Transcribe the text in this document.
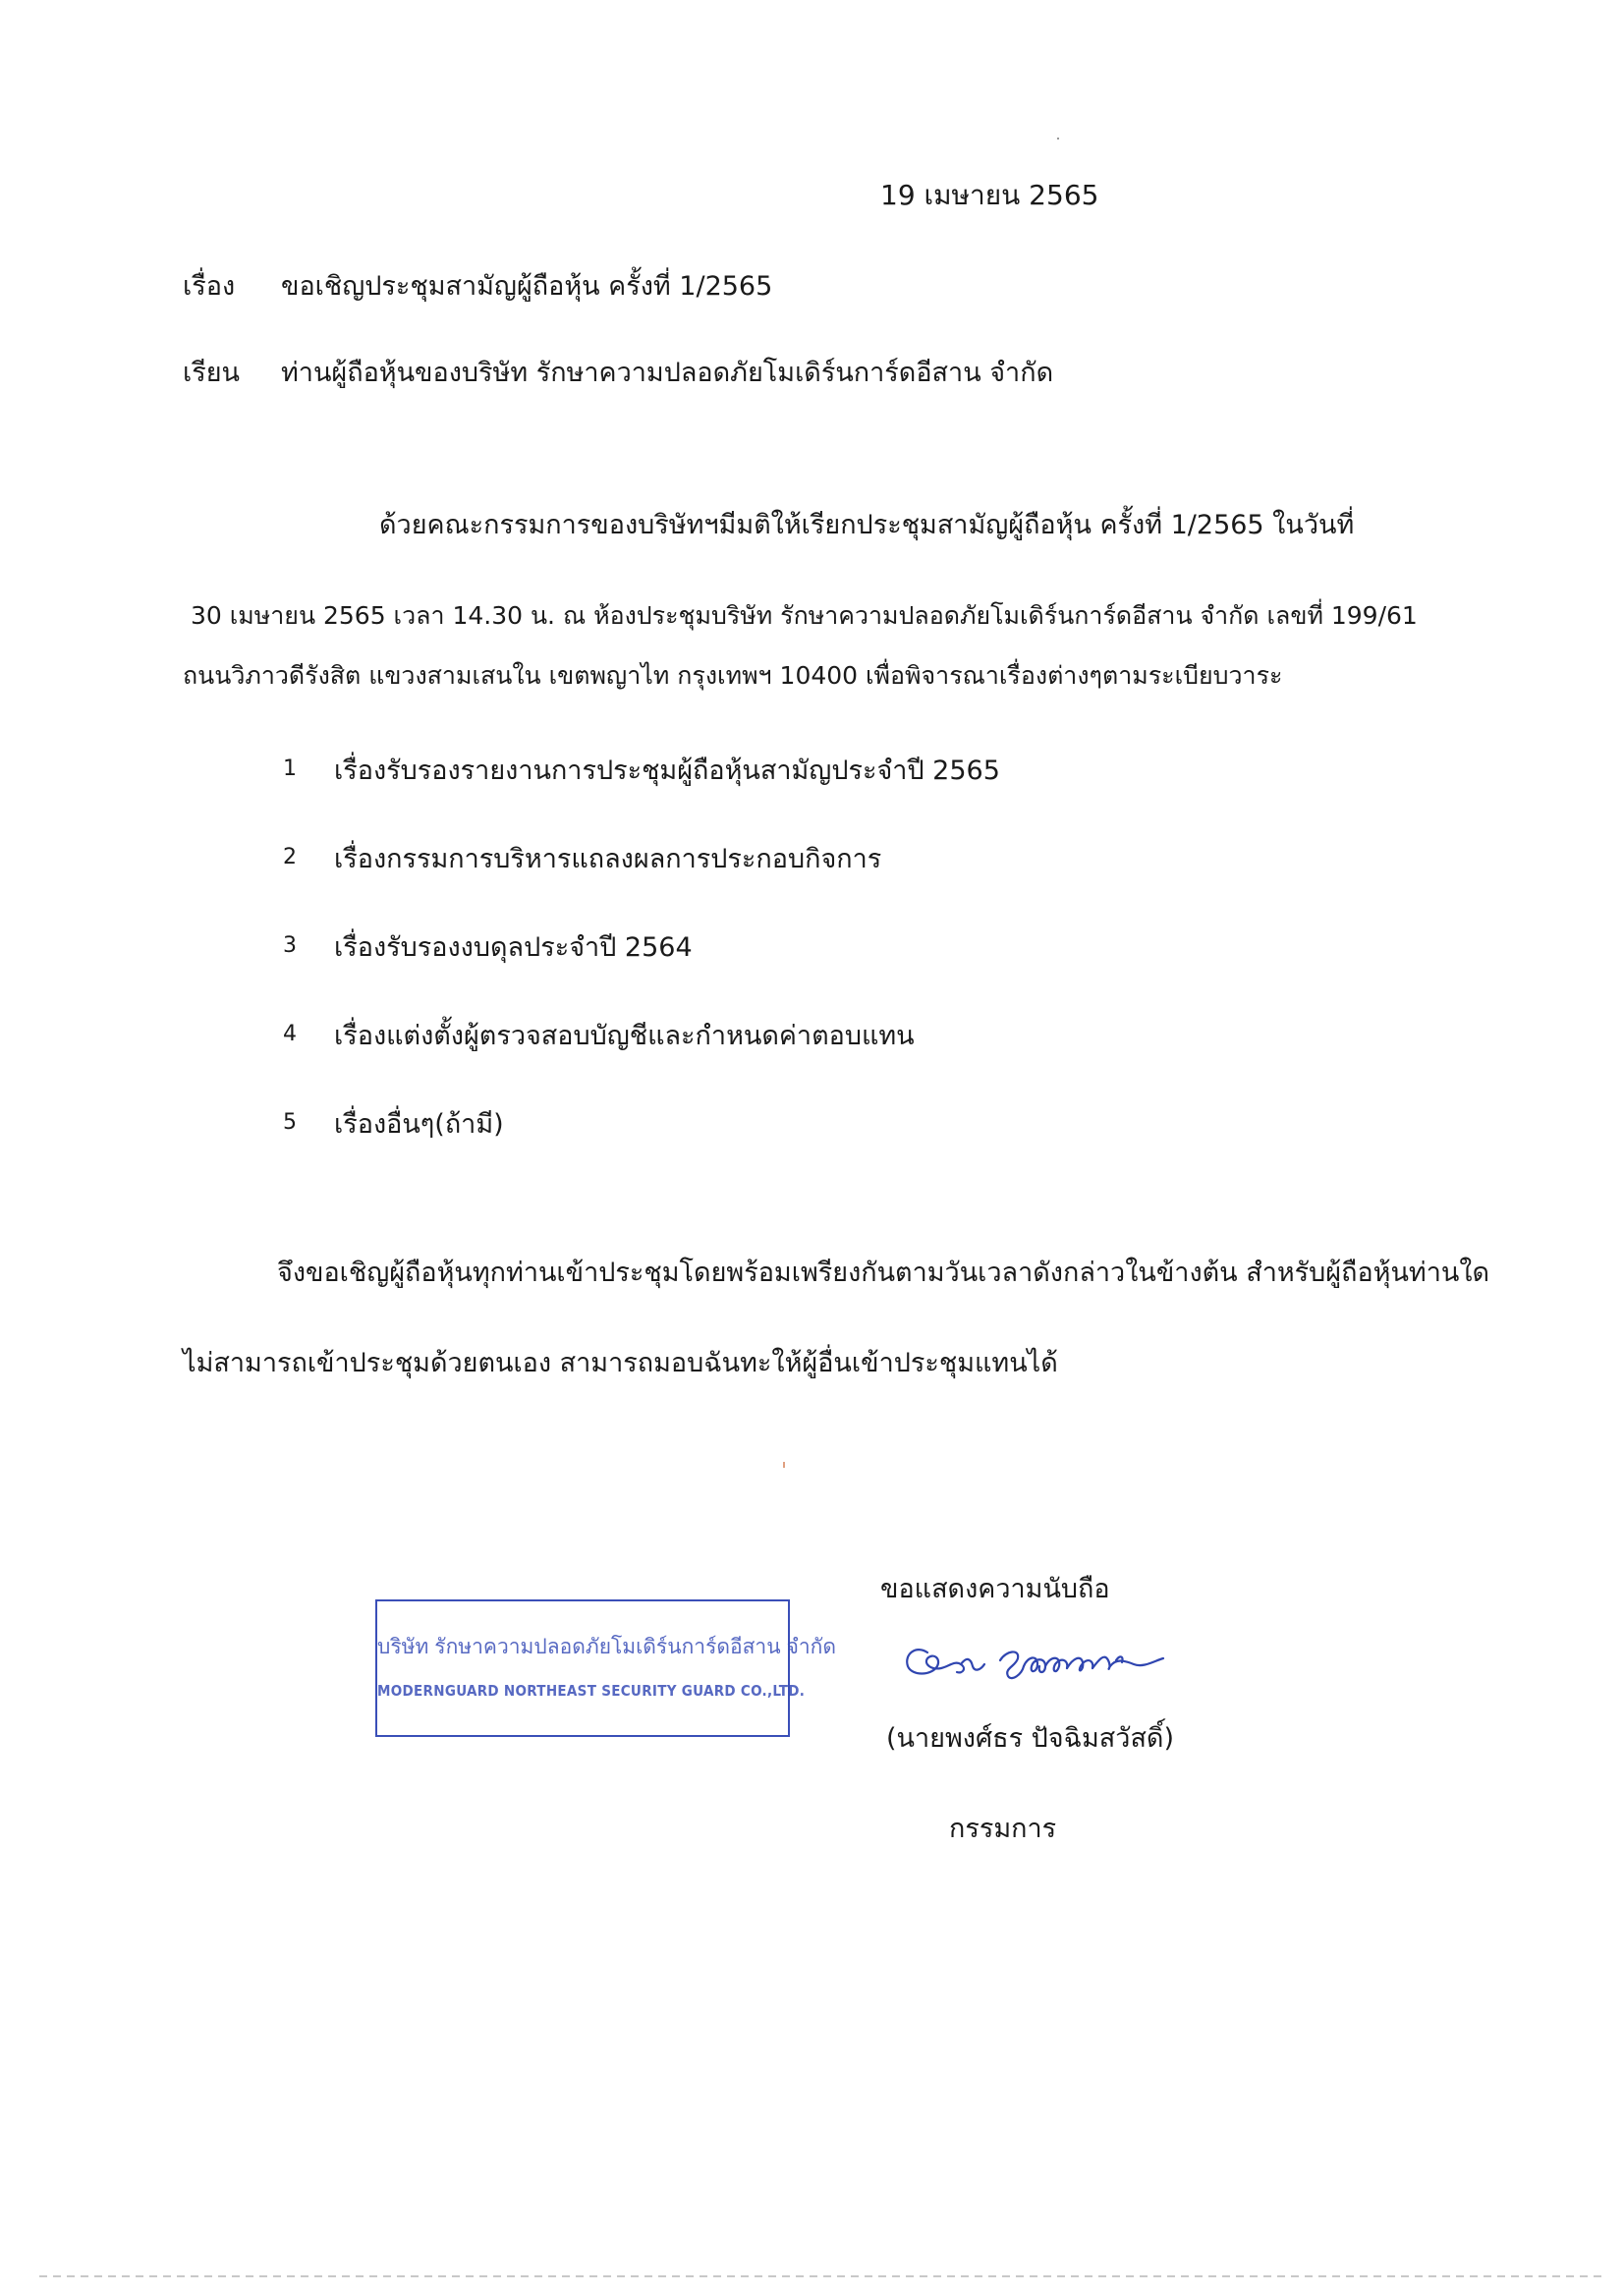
19 เมษายน 2565
เรื่อง ขอเชิญประชุมสามัญผู้ถือหุ้น ครั้งที่ 1/2565
เรียน ท่านผู้ถือหุ้นของบริษัท รักษาความปลอดภัยโมเดิร์นการ์ดอีสาน จำกัด
ด้วยคณะกรรมการของบริษัทฯมีมติให้เรียกประชุมสามัญผู้ถือหุ้น ครั้งที่ 1/2565 ในวันที่
30 เมษายน 2565 เวลา 14.30 น. ณ ห้องประชุมบริษัท รักษาความปลอดภัยโมเดิร์นการ์ดอีสาน จำกัด เลขที่ 199/61
ถนนวิภาวดีรังสิต แขวงสามเสนใน เขตพญาไท กรุงเทพฯ 10400 เพื่อพิจารณาเรื่องต่างๆตามระเบียบวาระ
1 เรื่องรับรองรายงานการประชุมผู้ถือหุ้นสามัญประจำปี 2565
2 เรื่องกรรมการบริหารแถลงผลการประกอบกิจการ
3 เรื่องรับรองงบดุลประจำปี 2564
4 เรื่องแต่งตั้งผู้ตรวจสอบบัญชีและกำหนดค่าตอบแทน
5 เรื่องอื่นๆ(ถ้ามี)
จึงขอเชิญผู้ถือหุ้นทุกท่านเข้าประชุมโดยพร้อมเพรียงกันตามวันเวลาดังกล่าวในข้างต้น สำหรับผู้ถือหุ้นท่านใด
ไม่สามารถเข้าประชุมด้วยตนเอง สามารถมอบฉันทะให้ผู้อื่นเข้าประชุมแทนได้
บริษัท รักษาความปลอดภัยโมเดิร์นการ์ดอีสาน จำกัด
MODERNGUARD NORTHEAST SECURITY GUARD CO.,LTD.
ขอแสดงความนับถือ
(นายพงศ์ธร ปัจฉิมสวัสดิ์)
กรรมการ
